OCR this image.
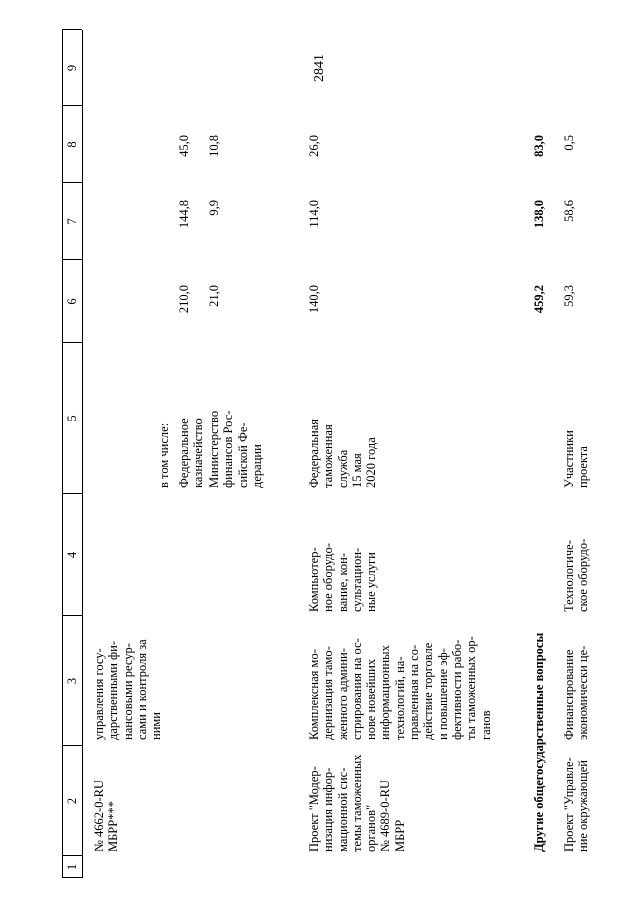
2841
1
2
3
4
5
6
7
8
9
№ 4662-0-RU МБРР***
управления госу- дарственными фи- нансовыми ресур- сами и контроля за ними
в том числе: Федеральное казначейство
210,0
144,8
45,0
Министерство финансов Рос- сийской Фе- дерации
21,0
9,9
10,8
Проект "Модер- низация инфор- мационной сис- темы таможенных органов" № 4689-0-RU МБРР
Комплексная мо- дернизация тамо- женного админи- стрирования на ос- нове новейших информационных технологий, на- правленная на со- действие торговле и повышение эф- фективности рабо- ты таможенных ор- ганов
Компьютер- ное оборудо- вание, кон- сультацион- ные услуги
Федеральная таможенная служба 15 мая 2020 года
140,0
114,0
26,0
Другие общегосударственные вопросы
459,2
138,0
83,0
Проект "Управле- ние окружающей
Финансирование экономически це-
Технологиче- ское оборудо-
Участники проекта
59,3
58,6
0,5
